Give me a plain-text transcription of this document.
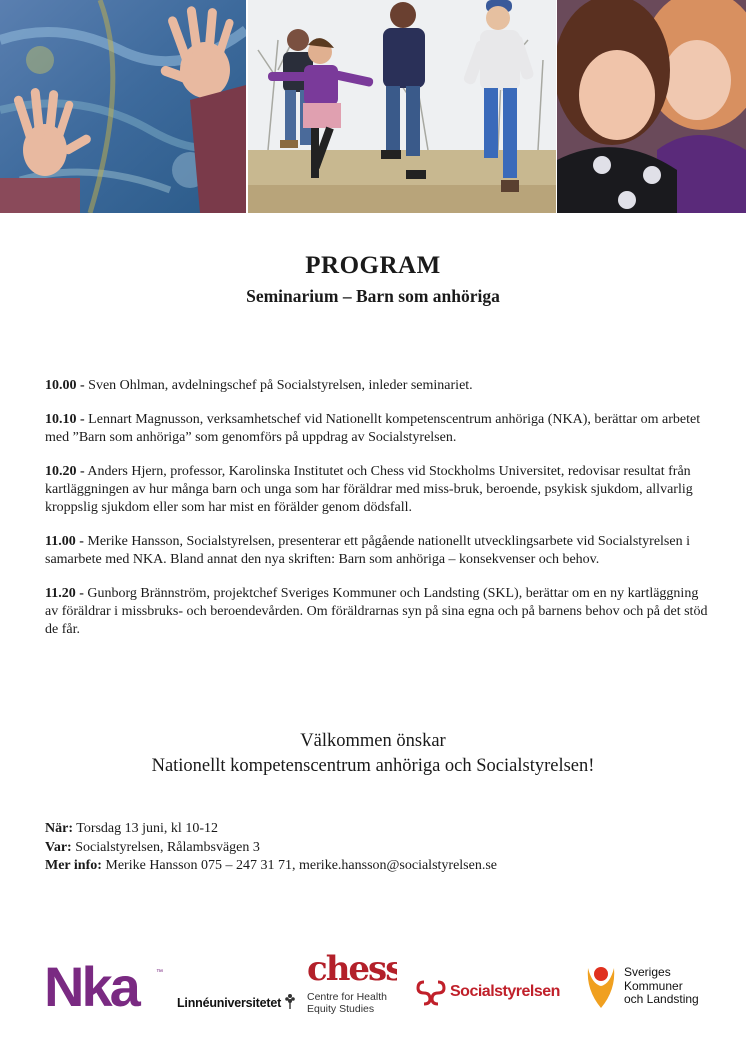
PROGRAM
Seminarium – Barn som anhöriga
10.00 - Sven Ohlman, avdelningschef på Socialstyrelsen, inleder seminariet.
10.10 - Lennart Magnusson, verksamhetschef vid Nationellt kompetenscentrum anhöriga (NKA), berättar om arbetet med ”Barn som anhöriga” som genomförs på uppdrag av Socialstyrelsen.
10.20 - Anders Hjern, professor, Karolinska Institutet och Chess vid Stockholms Universitet, redovisar resultat från kartläggningen av hur många barn och unga som har föräldrar med miss-bruk, beroende, psykisk sjukdom, allvarlig kroppslig sjukdom eller som har mist en förälder genom dödsfall.
11.00 - Merike Hansson, Socialstyrelsen, presenterar ett pågående nationellt utvecklingsarbete vid Socialstyrelsen i samarbete med NKA. Bland annat den nya skriften: Barn som anhöriga – konsekvenser och behov.
11.20 - Gunborg Brännström, projektchef Sveriges Kommuner och Landsting (SKL), berättar om en ny kartläggning av föräldrar i missbruks- och beroendevården. Om föräldrarnas syn på sina egna och på barnens behov och på det stöd de får.
Välkommen önskar
Nationellt kompetenscentrum anhöriga och Socialstyrelsen!
När: Torsdag 13 juni, kl 10-12
Var: Socialstyrelsen, Rålambsvägen 3
Mer info: Merike Hansson 075 – 247 31 71, merike.hansson@socialstyrelsen.se
Nka	™
Linnéuniversitetet
chess
Centre for Health
Equity Studies
Socialstyrelsen
Sveriges
Kommuner
och Landsting
